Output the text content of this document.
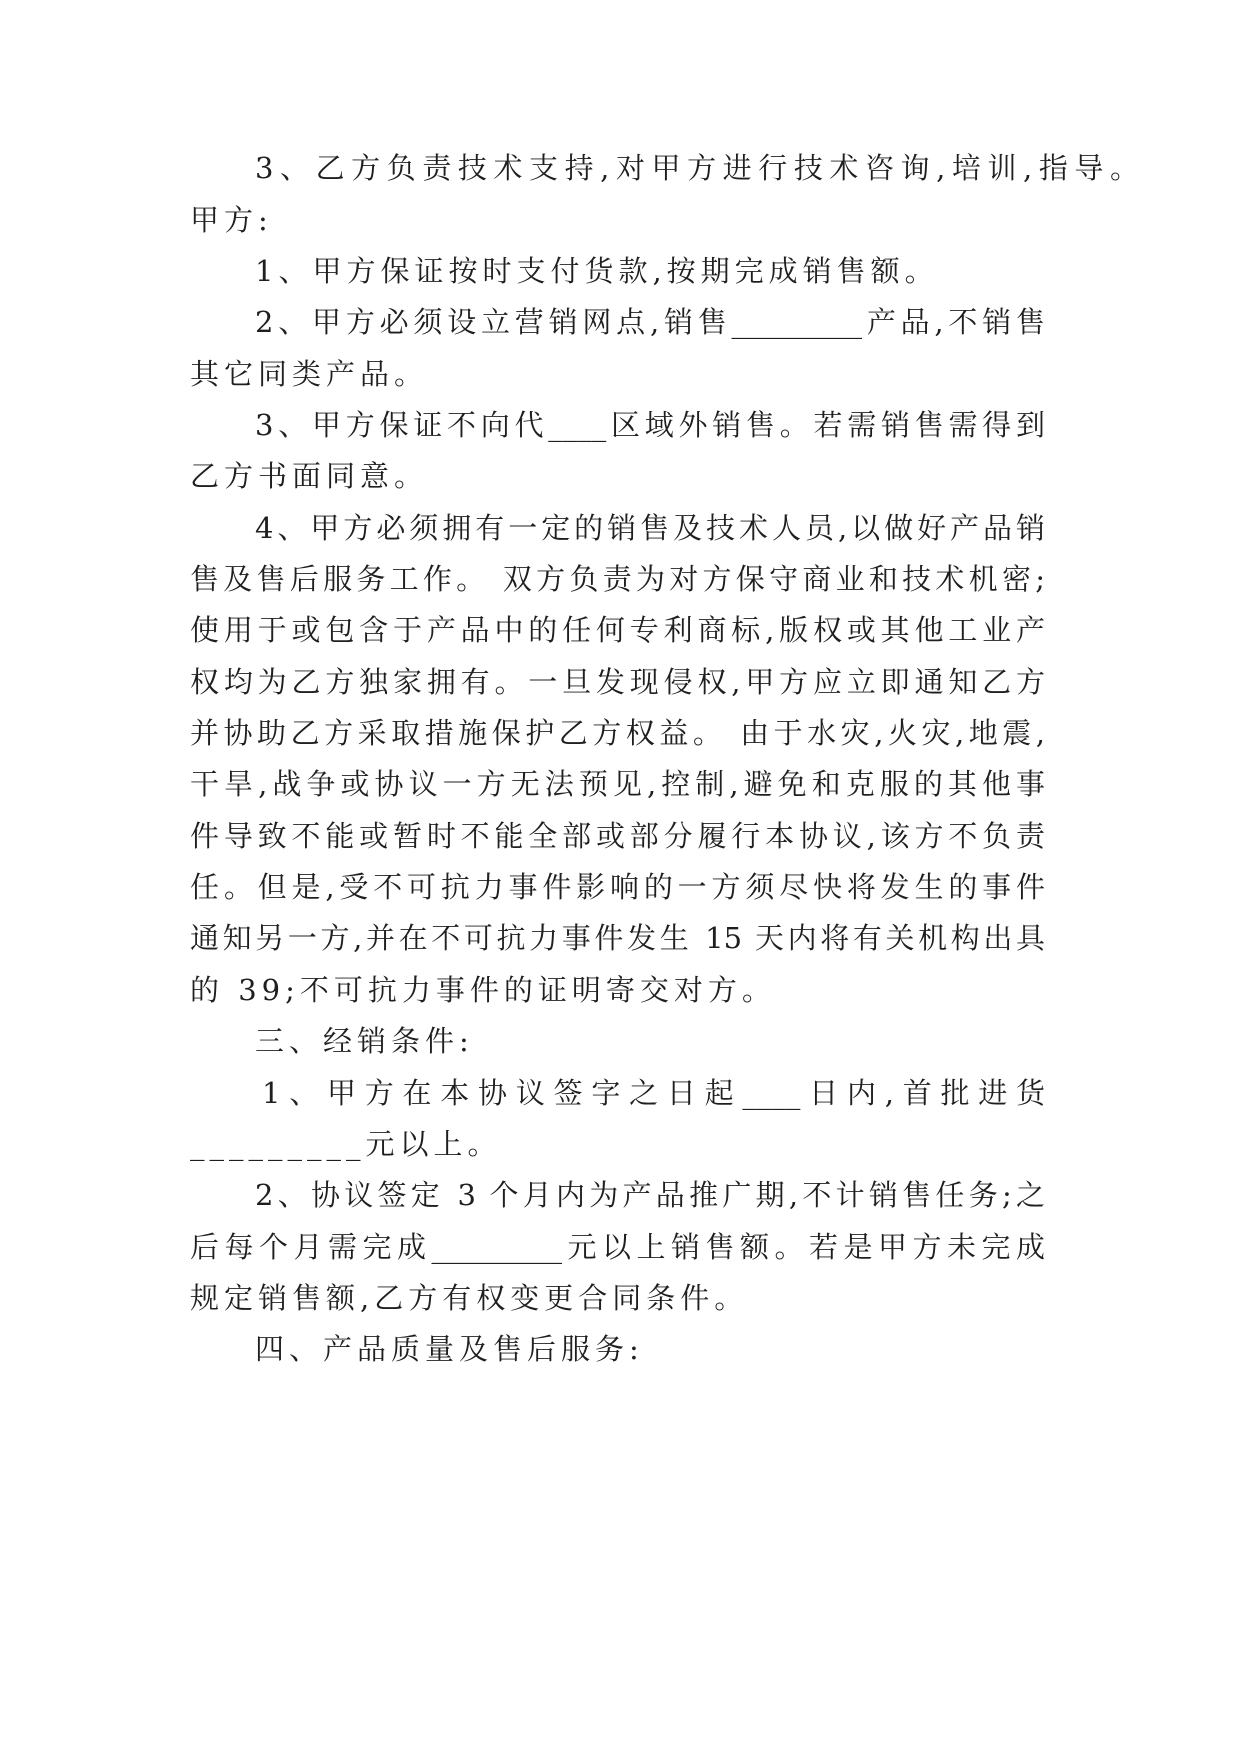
3、乙方负责技术支持,对甲方进行技术咨询,培训,指导。
甲方:
1、甲方保证按时支付货款,按期完成销售额。
2、甲方必须设立营销网点,销售_________产品,不销售
其它同类产品。
3、甲方保证不向代____区域外销售。若需销售需得到
乙方书面同意。
4、甲方必须拥有一定的销售及技术人员,以做好产品销
售及售后服务工作。 双方负责为对方保守商业和技术机密;
使用于或包含于产品中的任何专利商标,版权或其他工业产
权均为乙方独家拥有。一旦发现侵权,甲方应立即通知乙方
并协助乙方采取措施保护乙方权益。 由于水灾,火灾,地震,
干旱,战争或协议一方无法预见,控制,避免和克服的其他事
件导致不能或暂时不能全部或部分履行本协议,该方不负责
任。但是,受不可抗力事件影响的一方须尽快将发生的事件
通知另一方,并在不可抗力事件发生 15 天内将有关机构出具
的 39;不可抗力事件的证明寄交对方。
三、经销条件:
1、甲方在本协议签字之日起____日内,首批进货
_________元以上。
2、协议签定 3 个月内为产品推广期,不计销售任务;之
后每个月需完成_________元以上销售额。若是甲方未完成
规定销售额,乙方有权变更合同条件。
四、产品质量及售后服务:
